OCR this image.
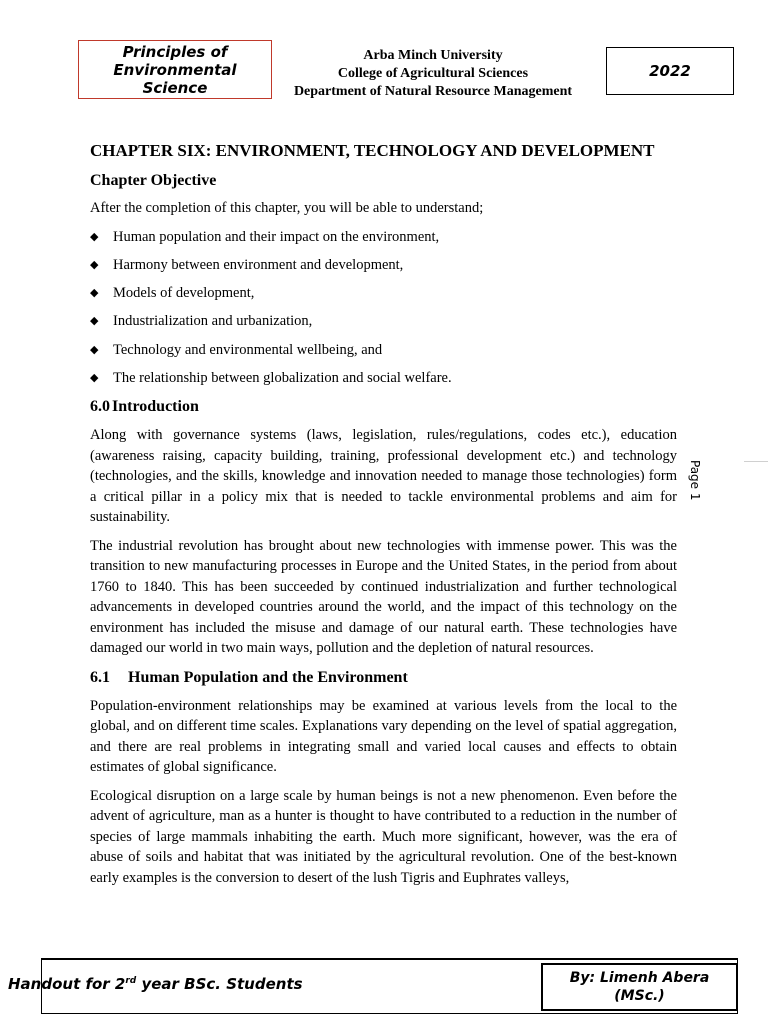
Principles of
Environmental
Science
Arba Minch University
College of Agricultural Sciences
Department of Natural Resource Management
2022
CHAPTER SIX: ENVIRONMENT, TECHNOLOGY AND DEVELOPMENT
Chapter Objective

After the completion of this chapter, you will be able to understand;

◆ Human population and their impact on the environment,
◆ Harmony between environment and development,
◆ Models of development,
◆ Industrialization and urbanization,
◆ Technology and environmental wellbeing, and
◆ The relationship between globalization and social welfare.
6.0 Introduction

Along with governance systems (laws, legislation, rules/regulations, codes etc.), education (awareness raising, capacity building, training, professional development etc.) and technology (technologies, and the skills, knowledge and innovation needed to manage those technologies) form a critical pillar in a policy mix that is needed to tackle environmental problems and aim for sustainability.

The industrial revolution has brought about new technologies with immense power. This was the transition to new manufacturing processes in Europe and the United States, in the period from about 1760 to 1840. This has been succeeded by continued industrialization and further technological advancements in developed countries around the world, and the impact of this technology on the environment has included the misuse and damage of our natural earth. These technologies have damaged our world in two main ways, pollution and the depletion of natural resources.

6.1 Human Population and the Environment

Population-environment relationships may be examined at various levels from the local to the global, and on different time scales. Explanations vary depending on the level of spatial aggregation, and there are real problems in integrating small and varied local causes and effects to obtain estimates of global significance.

Ecological disruption on a large scale by human beings is not a new phenomenon. Even before the advent of agriculture, man as a hunter is thought to have contributed to a reduction in the number of species of large mammals inhabiting the earth. Much more significant, however, was the era of abuse of soils and habitat that was initiated by the agricultural revolution. One of the best-known early examples is the conversion to desert of the lush Tigris and Euphrates valleys,

Page 1
Handout for 2rd year BSc. Students	By: Limenh Abera
(MSc.)
